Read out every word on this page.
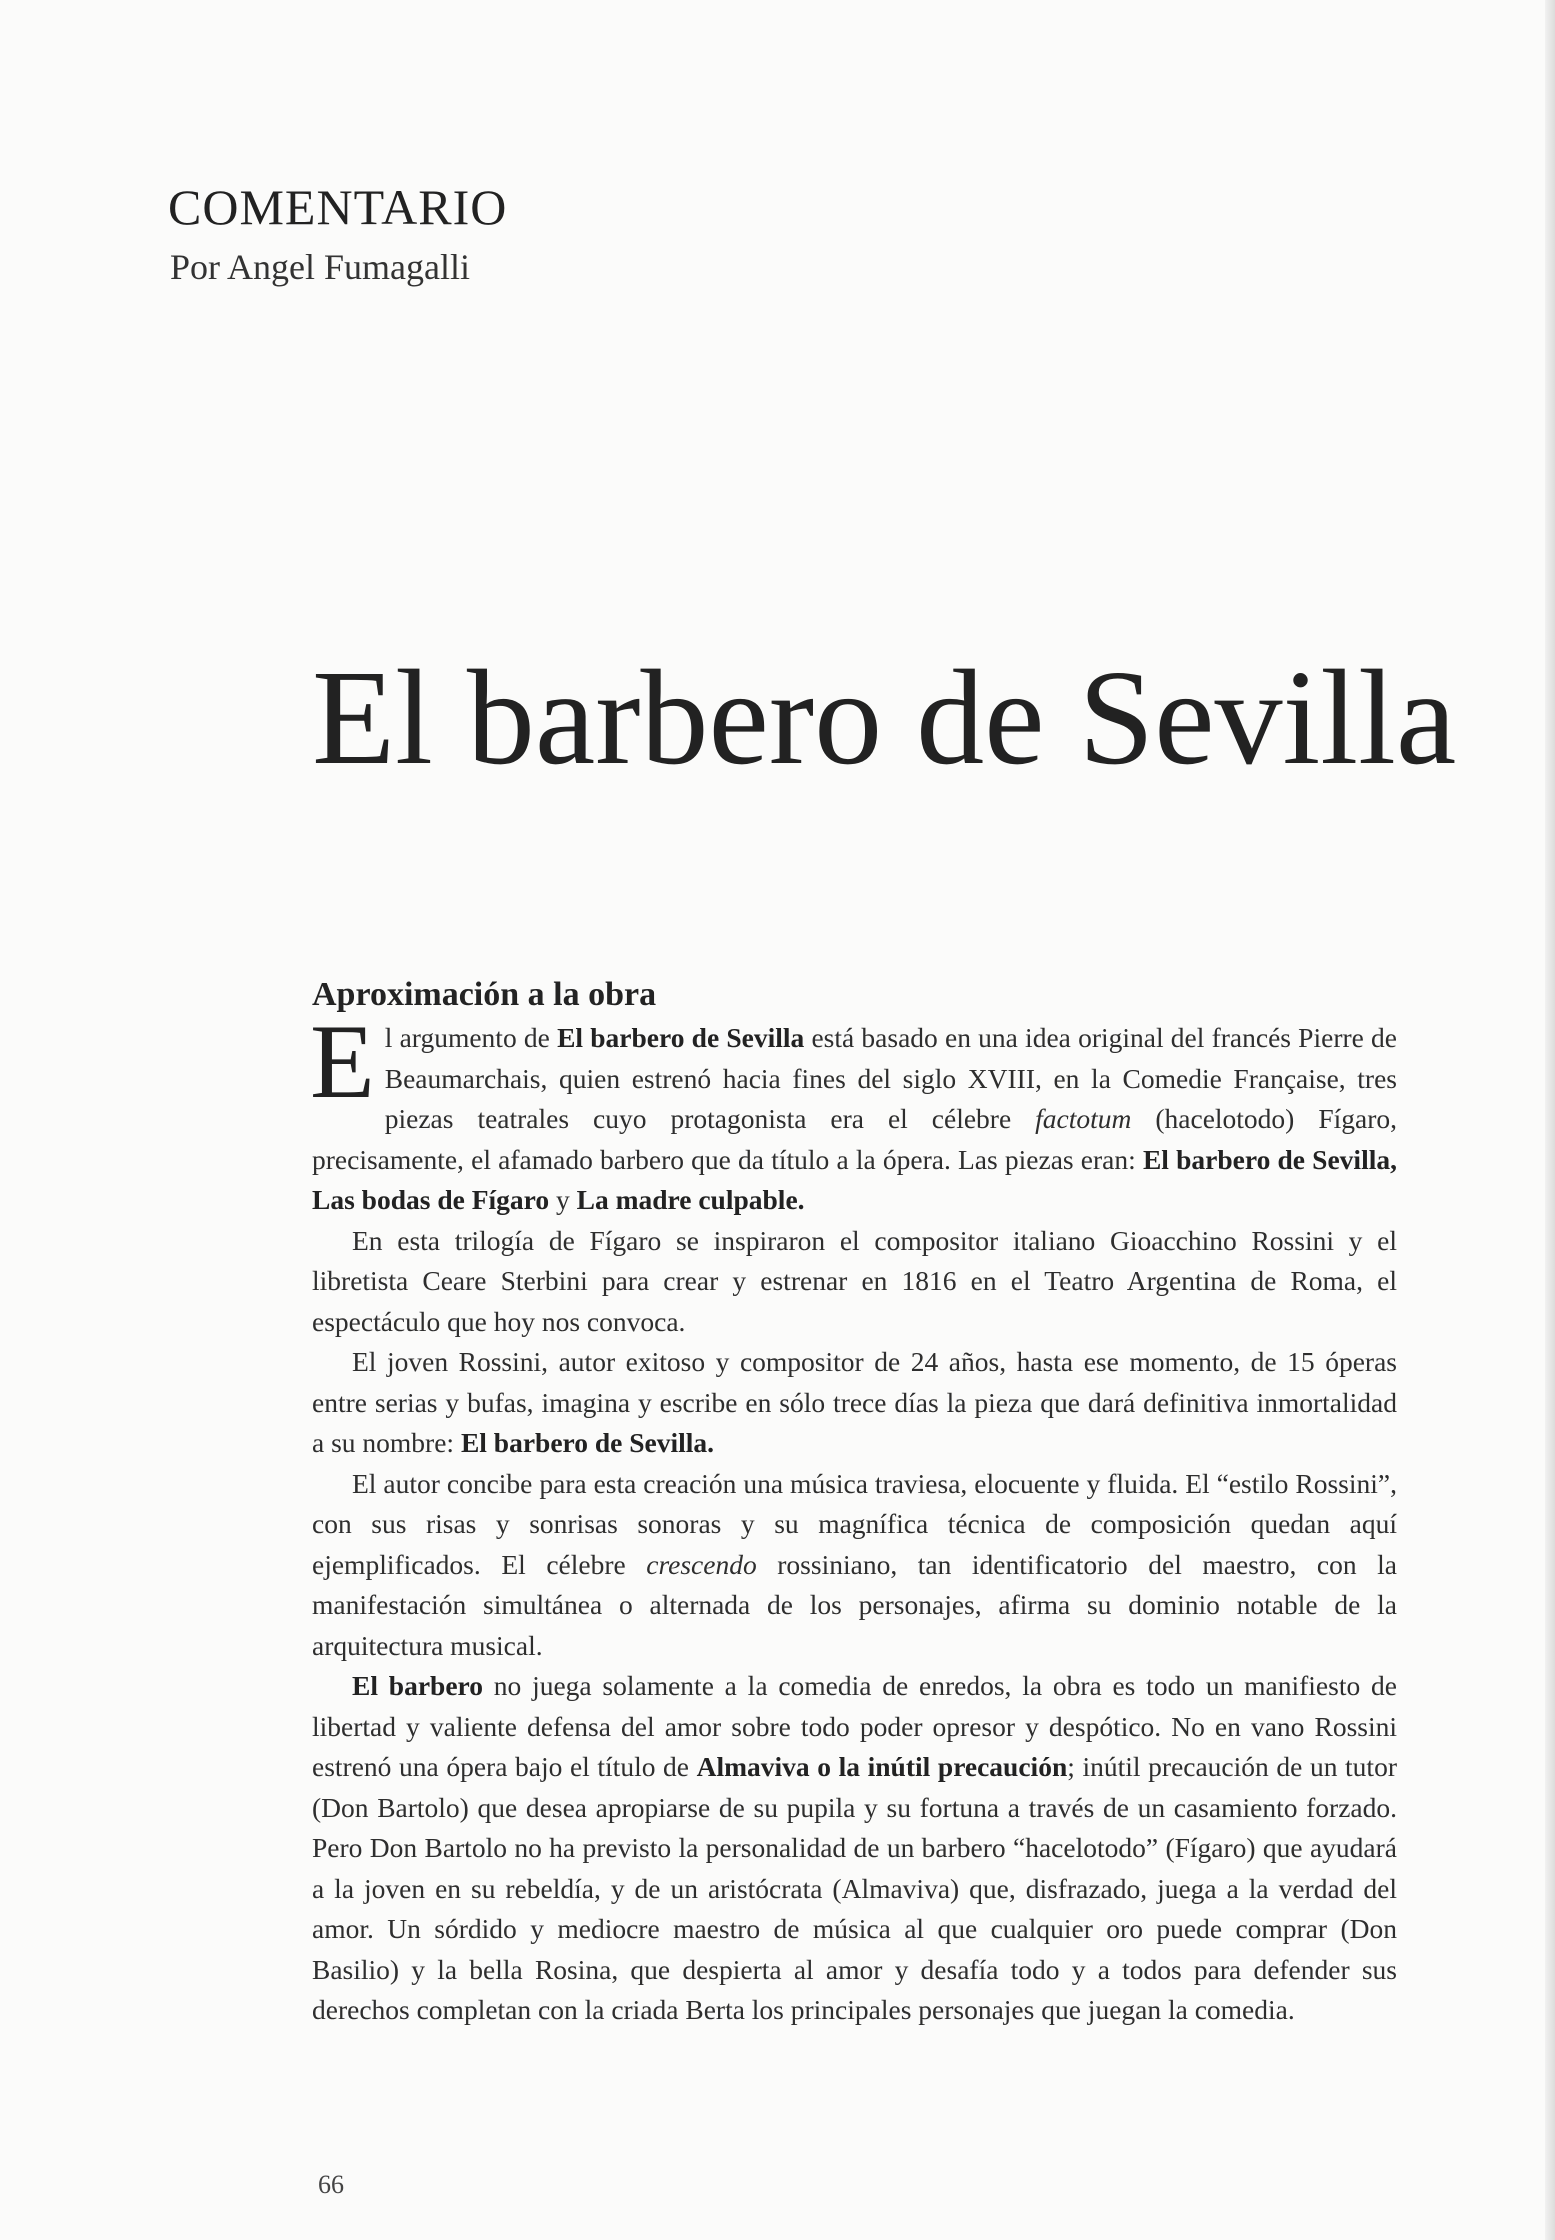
COMENTARIO
Por Angel Fumagalli
El barbero de Sevilla
Aproximación a la obra

El argumento de El barbero de Sevilla está basado en una idea original del francés Pierre de Beaumarchais, quien estrenó hacia fines del siglo XVIII, en la Comedie Française, tres piezas teatrales cuyo protagonista era el célebre factotum (hacelotodo) Fígaro, precisamente, el afamado barbero que da título a la ópera. Las piezas eran: El barbero de Sevilla, Las bodas de Fígaro y La madre culpable.

En esta trilogía de Fígaro se inspiraron el compositor italiano Gioacchino Rossini y el libretista Ceare Sterbini para crear y estrenar en 1816 en el Teatro Argentina de Roma, el espectáculo que hoy nos convoca.

El joven Rossini, autor exitoso y compositor de 24 años, hasta ese momento, de 15 óperas entre serias y bufas, imagina y escribe en sólo trece días la pieza que dará definitiva inmortalidad a su nombre: El barbero de Sevilla.

El autor concibe para esta creación una música traviesa, elocuente y fluida. El “estilo Rossini”, con sus risas y sonrisas sonoras y su magnífica técnica de composición quedan aquí ejemplificados. El célebre crescendo rossiniano, tan identificatorio del maestro, con la manifestación simultánea o alternada de los personajes, afirma su dominio notable de la arquitectura musical.

El barbero no juega solamente a la comedia de enredos, la obra es todo un manifiesto de libertad y valiente defensa del amor sobre todo poder opresor y despótico. No en vano Rossini estrenó una ópera bajo el título de Almaviva o la inútil precaución; inútil precaución de un tutor (Don Bartolo) que desea apropiarse de su pupila y su fortuna a través de un casamiento forzado. Pero Don Bartolo no ha previsto la personalidad de un barbero “hacelotodo” (Fígaro) que ayudará a la joven en su rebeldía, y de un aristócrata (Almaviva) que, disfrazado, juega a la verdad del amor. Un sórdido y mediocre maestro de música al que cualquier oro puede comprar (Don Basilio) y la bella Rosina, que despierta al amor y desafía todo y a todos para defender sus derechos completan con la criada Berta los principales personajes que juegan la comedia.

66
